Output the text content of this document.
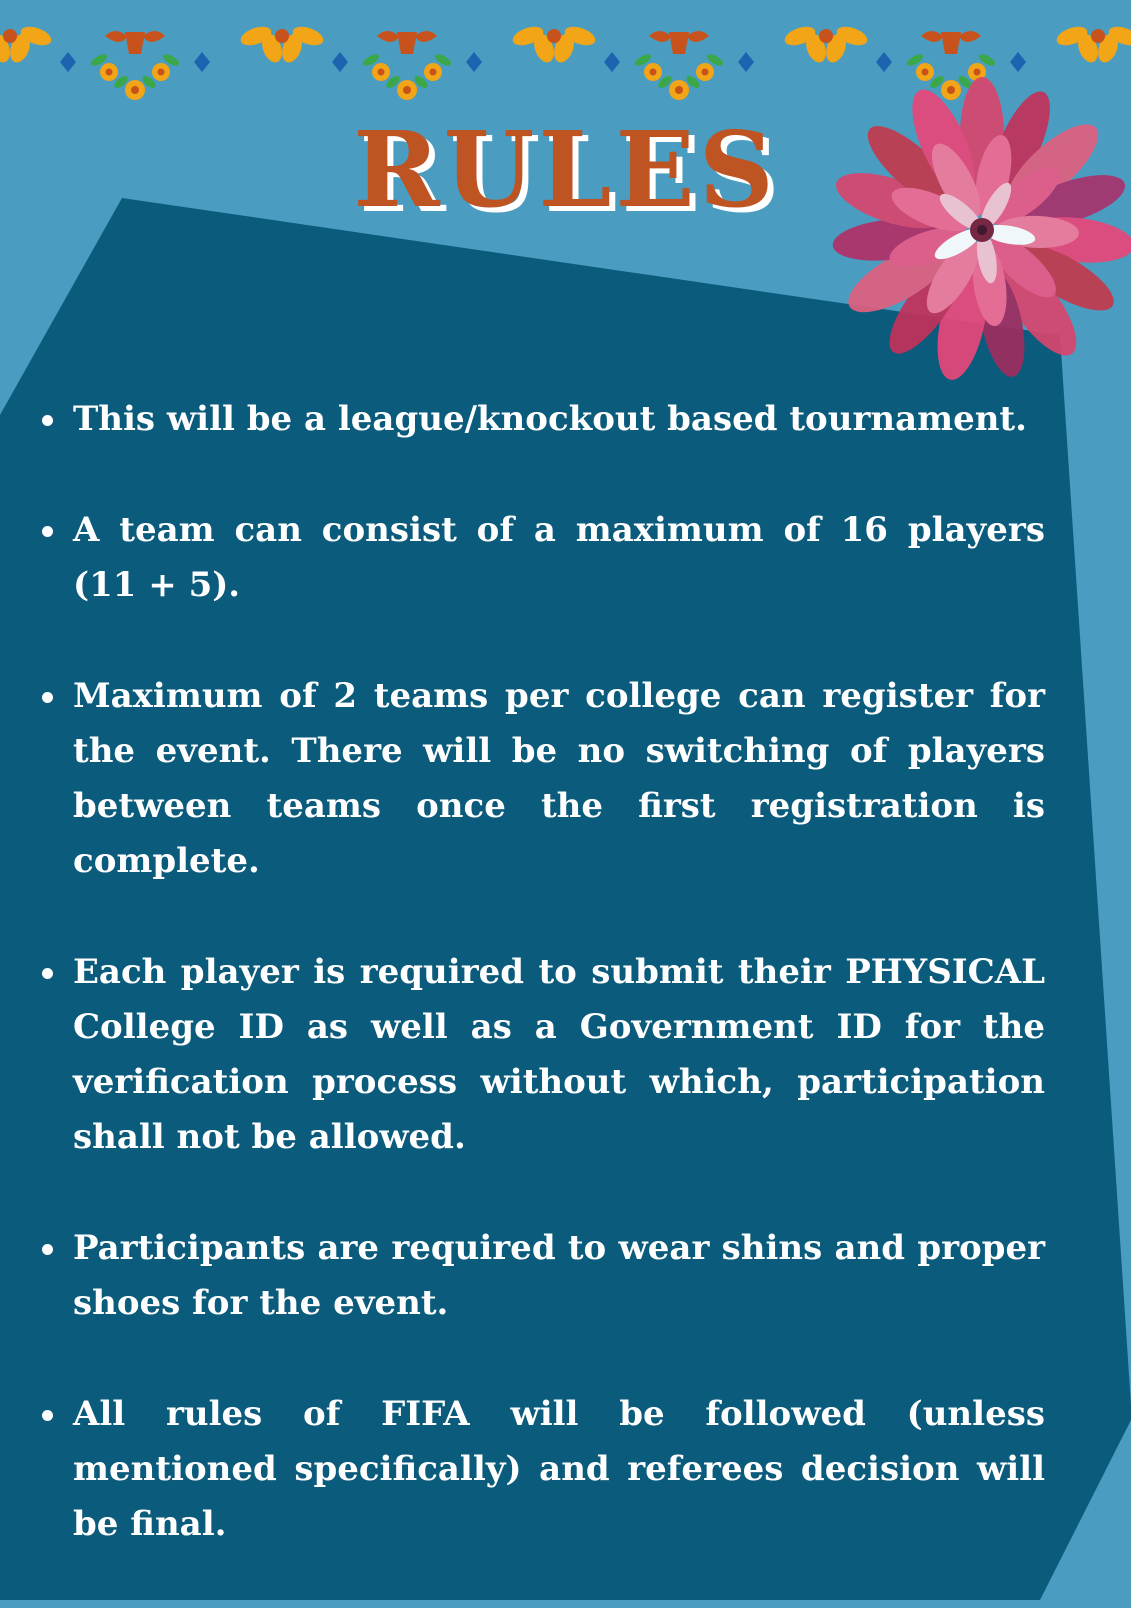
RULES
This will be a league/knockout based tournament.
A team can consist of a maximum of 16 players (11 + 5).
Maximum of 2 teams per college can register for the event. There will be no switching of players between teams once the first registration is complete.
Each player is required to submit their PHYSICAL College ID as well as a Government ID for the verification process without which, participation shall not be allowed.
Participants are required to wear shins and proper shoes for the event.
All rules of FIFA will be followed (unless mentioned specifically) and referees decision will be final.
